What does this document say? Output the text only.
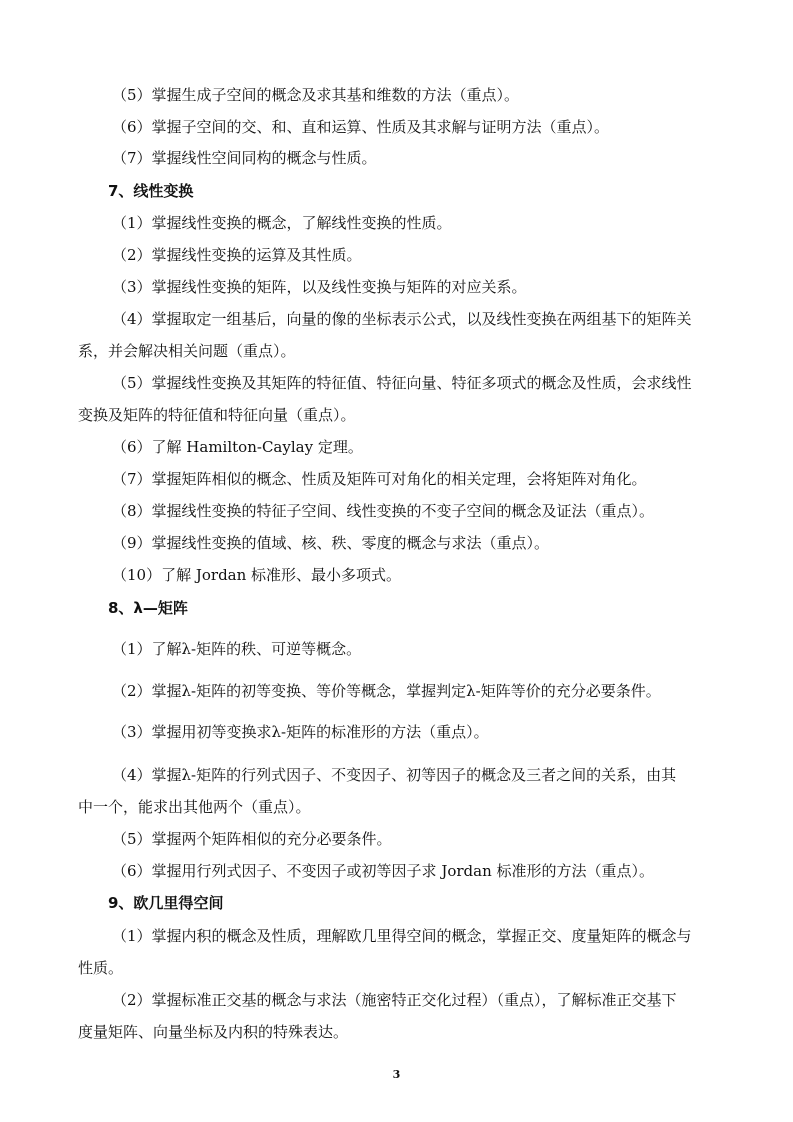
（5）掌握生成子空间的概念及求其基和维数的方法（重点）。
（6）掌握子空间的交、和、直和运算、性质及其求解与证明方法（重点）。
（7）掌握线性空间同构的概念与性质。
7、线性变换
（1）掌握线性变换的概念，了解线性变换的性质。
（2）掌握线性变换的运算及其性质。
（3）掌握线性变换的矩阵，以及线性变换与矩阵的对应关系。
（4）掌握取定一组基后，向量的像的坐标表示公式，以及线性变换在两组基下的矩阵关
系，并会解决相关问题（重点）。
（5）掌握线性变换及其矩阵的特征值、特征向量、特征多项式的概念及性质，会求线性
变换及矩阵的特征值和特征向量（重点）。
（6）了解 Hamilton-Caylay 定理。
（7）掌握矩阵相似的概念、性质及矩阵可对角化的相关定理，会将矩阵对角化。
（8）掌握线性变换的特征子空间、线性变换的不变子空间的概念及证法（重点）。
（9）掌握线性变换的值域、核、秩、零度的概念与求法（重点）。
（10）了解 Jordan 标准形、最小多项式。
8、λ—矩阵
（1）了解λ-矩阵的秩、可逆等概念。
（2）掌握λ-矩阵的初等变换、等价等概念，掌握判定λ-矩阵等价的充分必要条件。
（3）掌握用初等变换求λ-矩阵的标准形的方法（重点）。
（4）掌握λ-矩阵的行列式因子、不变因子、初等因子的概念及三者之间的关系，由其
中一个，能求出其他两个（重点）。
（5）掌握两个矩阵相似的充分必要条件。
（6）掌握用行列式因子、不变因子或初等因子求 Jordan 标准形的方法（重点）。
9、欧几里得空间
（1）掌握内积的概念及性质，理解欧几里得空间的概念，掌握正交、度量矩阵的概念与
性质。
（2）掌握标准正交基的概念与求法（施密特正交化过程）（重点），了解标准正交基下
度量矩阵、向量坐标及内积的特殊表达。
3
